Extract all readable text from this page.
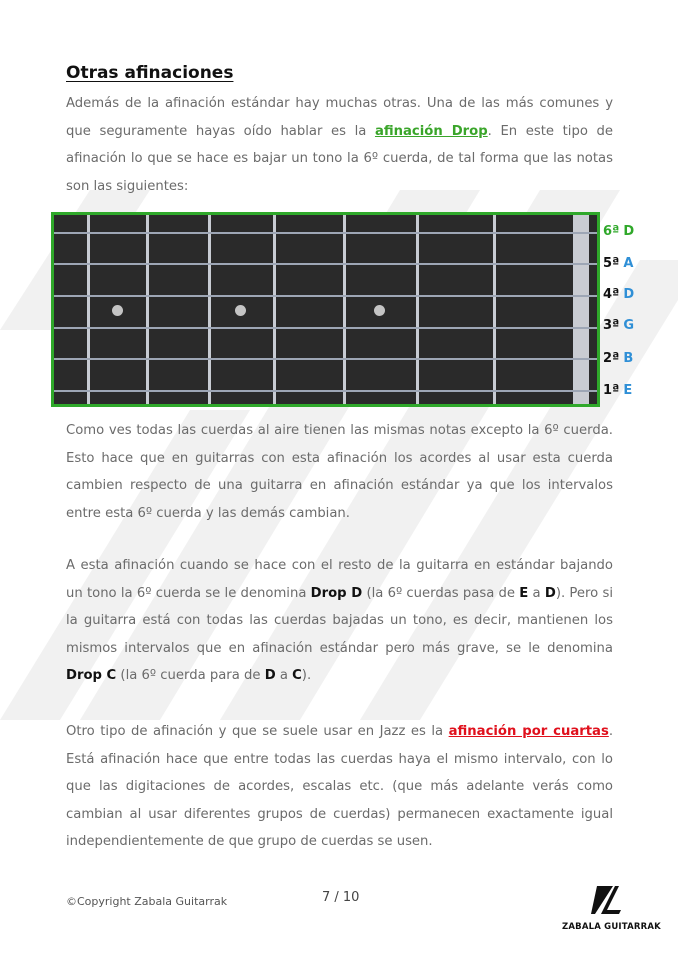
Otras afinaciones

Además de la afinación estándar hay muchas otras. Una de las más comunes y que seguramente hayas oído hablar es la afinación Drop. En este tipo de afinación lo que se hace es bajar un tono la 6º cuerda, de tal forma que las notas son las siguientes:

6ª D
5ª A
4ª D
3ª G
2ª B
1ª E

Como ves todas las cuerdas al aire tienen las mismas notas excepto la 6º cuerda. Esto hace que en guitarras con esta afinación los acordes al usar esta cuerda cambien respecto de una guitarra en afinación estándar ya que los intervalos entre esta 6º cuerda y las demás cambian.

A esta afinación cuando se hace con el resto de la guitarra en estándar bajando un tono la 6º cuerda se le denomina Drop D (la 6º cuerdas pasa de E a D). Pero si la guitarra está con todas las cuerdas bajadas un tono, es decir, mantienen los mismos intervalos que en afinación estándar pero más grave, se le denomina Drop C (la 6º cuerda para de D a C).

Otro tipo de afinación y que se suele usar en Jazz es la afinación por cuartas. Está afinación hace que entre todas las cuerdas haya el mismo intervalo, con lo que las digitaciones de acordes, escalas etc. (que más adelante verás como cambian al usar diferentes grupos de cuerdas) permanecen exactamente igual independientemente de que grupo de cuerdas se usen.

©Copyright Zabala Guitarrak	7 / 10
ZABALA GUITARRAK
